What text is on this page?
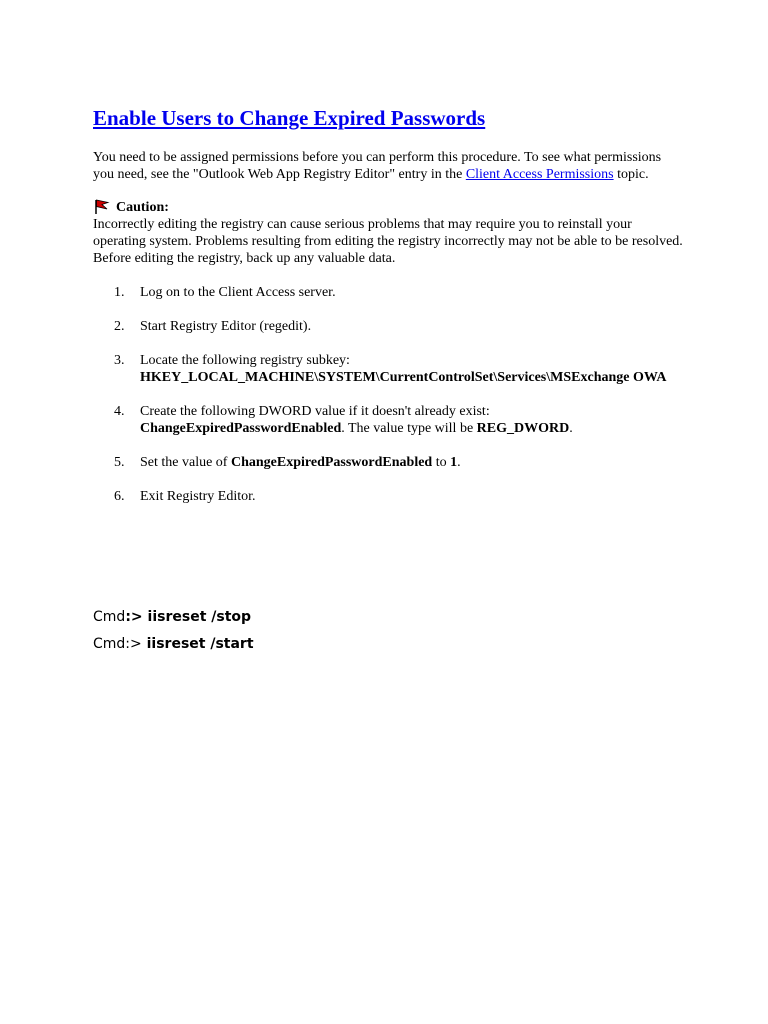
Enable Users to Change Expired Passwords

You need to be assigned permissions before you can perform this procedure. To see what permissions you need, see the "Outlook Web App Registry Editor" entry in the Client Access Permissions topic.

Caution:

Incorrectly editing the registry can cause serious problems that may require you to reinstall your operating system. Problems resulting from editing the registry incorrectly may not be able to be resolved. Before editing the registry, back up any valuable data.

1. Log on to the Client Access server.
2. Start Registry Editor (regedit).
3. Locate the following registry subkey:
HKEY_LOCAL_MACHINE\SYSTEM\CurrentControlSet\Services\MSExchange OWA
4. Create the following DWORD value if it doesn't already exist:
ChangeExpiredPasswordEnabled. The value type will be REG_DWORD.
5. Set the value of ChangeExpiredPasswordEnabled to 1.
6. Exit Registry Editor.
Cmd:> iisreset /stop
Cmd:> iisreset /start
